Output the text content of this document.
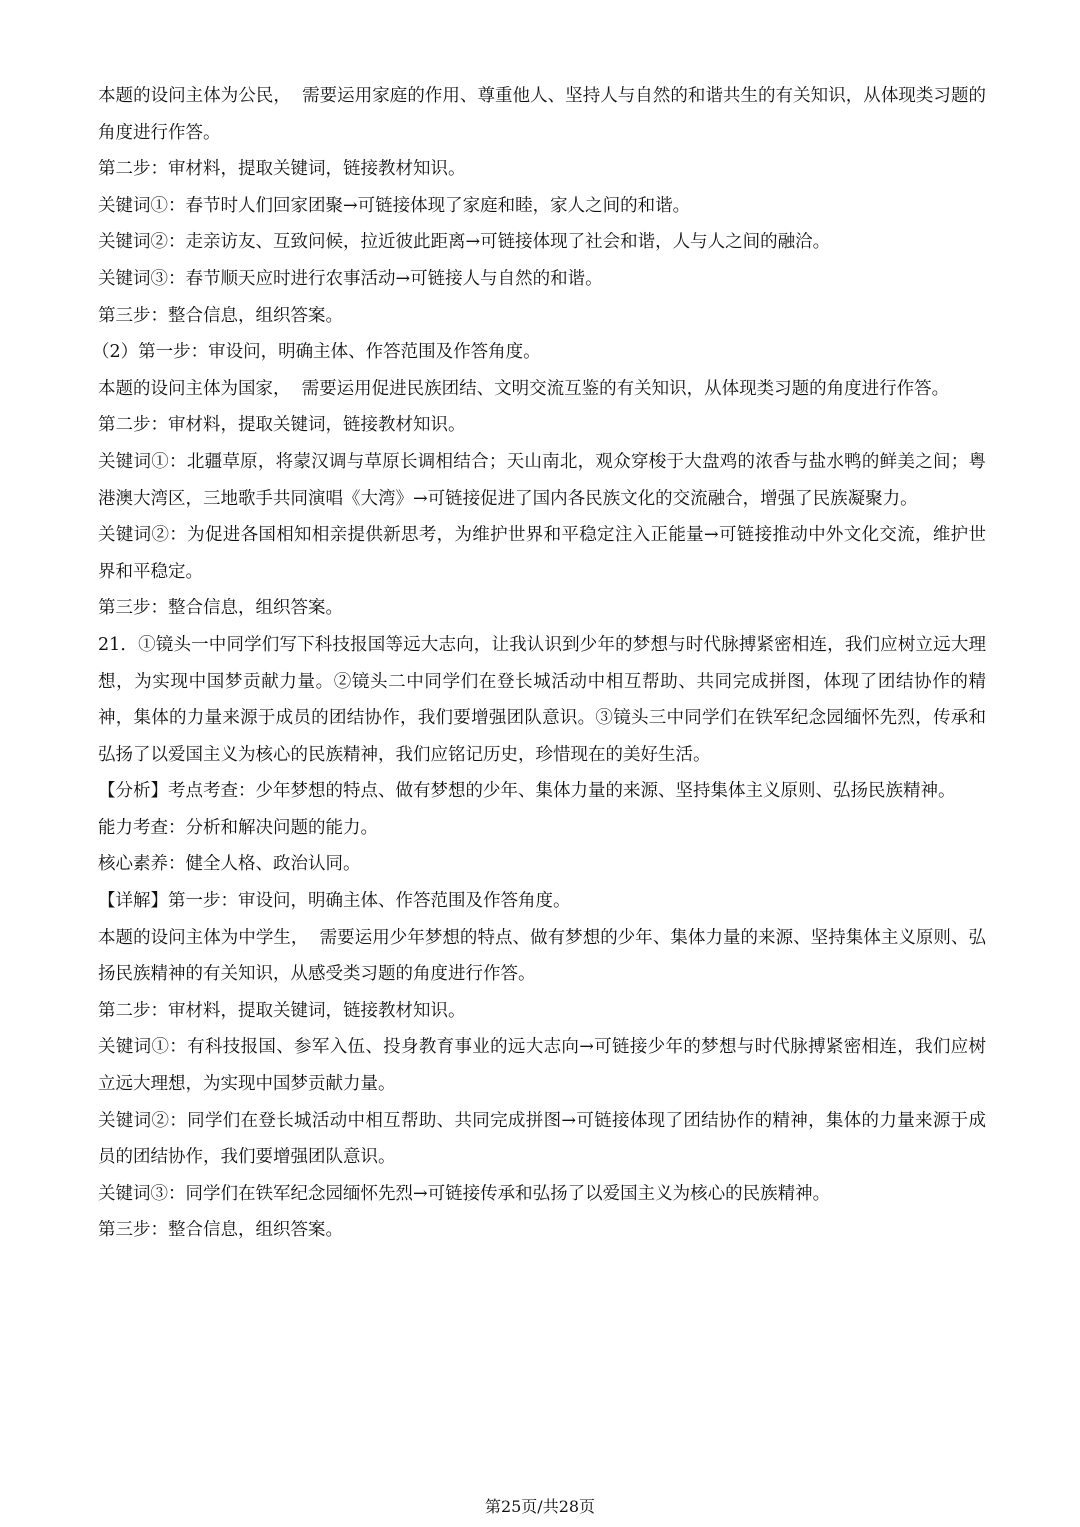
本题的设问主体为公民，  需要运用家庭的作用、尊重他人、坚持人与自然的和谐共生的有关知识，从体现类习题的角度进行作答。

第二步：审材料，提取关键词，链接教材知识。

关键词①：春节时人们回家团聚→可链接体现了家庭和睦，家人之间的和谐。

关键词②：走亲访友、互致问候，拉近彼此距离→可链接体现了社会和谐，人与人之间的融洽。

关键词③：春节顺天应时进行农事活动→可链接人与自然的和谐。

第三步：整合信息，组织答案。

（2）第一步：审设问，明确主体、作答范围及作答角度。

本题的设问主体为国家，  需要运用促进民族团结、文明交流互鉴的有关知识，从体现类习题的角度进行作答。

第二步：审材料，提取关键词，链接教材知识。

关键词①：北疆草原，将蒙汉调与草原长调相结合；天山南北，观众穿梭于大盘鸡的浓香与盐水鸭的鲜美之间；粤港澳大湾区，三地歌手共同演唱《大湾》→可链接促进了国内各民族文化的交流融合，增强了民族凝聚力。

关键词②：为促进各国相知相亲提供新思考，为维护世界和平稳定注入正能量→可链接推动中外文化交流，维护世界和平稳定。

第三步：整合信息，组织答案。

21．①镜头一中同学们写下科技报国等远大志向，让我认识到少年的梦想与时代脉搏紧密相连，我们应树立远大理想，为实现中国梦贡献力量。②镜头二中同学们在登长城活动中相互帮助、共同完成拼图，体现了团结协作的精神，集体的力量来源于成员的团结协作，我们要增强团队意识。③镜头三中同学们在铁军纪念园缅怀先烈，传承和弘扬了以爱国主义为核心的民族精神，我们应铭记历史，珍惜现在的美好生活。

【分析】考点考查：少年梦想的特点、做有梦想的少年、集体力量的来源、坚持集体主义原则、弘扬民族精神。

能力考查：分析和解决问题的能力。

核心素养：健全人格、政治认同。

【详解】第一步：审设问，明确主体、作答范围及作答角度。

本题的设问主体为中学生，  需要运用少年梦想的特点、做有梦想的少年、集体力量的来源、坚持集体主义原则、弘扬民族精神的有关知识，从感受类习题的角度进行作答。

第二步：审材料，提取关键词，链接教材知识。

关键词①：有科技报国、参军入伍、投身教育事业的远大志向→可链接少年的梦想与时代脉搏紧密相连，我们应树立远大理想，为实现中国梦贡献力量。

关键词②：同学们在登长城活动中相互帮助、共同完成拼图→可链接体现了团结协作的精神，集体的力量来源于成员的团结协作，我们要增强团队意识。

关键词③：同学们在铁军纪念园缅怀先烈→可链接传承和弘扬了以爱国主义为核心的民族精神。

第三步：整合信息，组织答案。

第25页/共28页
